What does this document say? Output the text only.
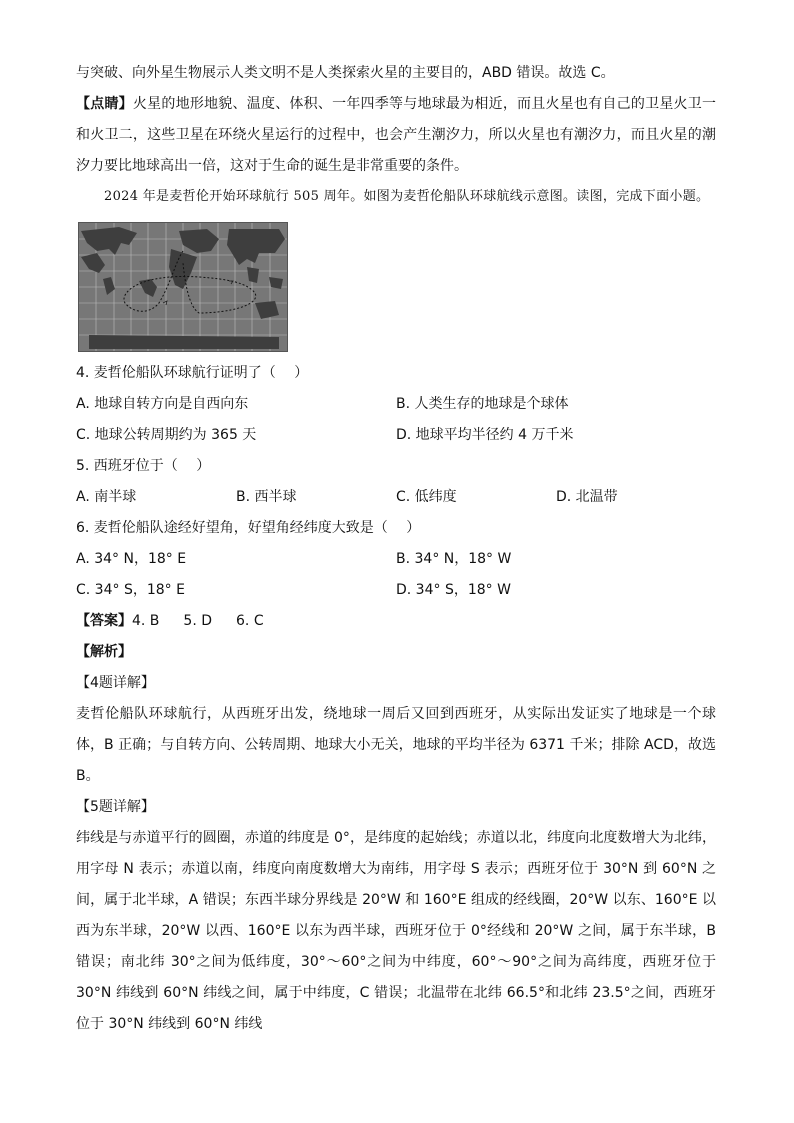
与突破、向外星生物展示人类文明不是人类探索火星的主要目的，ABD 错误。故选 C。

【点睛】火星的地形地貌、温度、体积、一年四季等与地球最为相近，而且火星也有自己的卫星火卫一和火卫二，这些卫星在环绕火星运行的过程中，也会产生潮汐力，所以火星也有潮汐力，而且火星的潮汐力要比地球高出一倍，这对于生命的诞生是非常重要的条件。

2024 年是麦哲伦开始环球航行 505 周年。如图为麦哲伦船队环球航线示意图。读图，完成下面小题。

4. 麦哲伦船队环球航行证明了（　 ）

A. 地球自转方向是自西向东	B. 人类生存的地球是个球体
C. 地球公转周期约为 365 天	D. 地球平均半径约 4 万千米

5. 西班牙位于（　 ）

A. 南半球	B. 西半球	C. 低纬度	D. 北温带

6. 麦哲伦船队途经好望角，好望角经纬度大致是（　 ）

A. 34° N，18° E	B. 34° N，18° W
C. 34° S，18° E	D. 34° S，18° W
【答案】4. B 5. D 6. C

【解析】

【4题详解】

麦哲伦船队环球航行，从西班牙出发，绕地球一周后又回到西班牙，从实际出发证实了地球是一个球体，B 正确；与自转方向、公转周期、地球大小无关，地球的平均半径为 6371 千米；排除 ACD，故选 B。

【5题详解】

纬线是与赤道平行的圆圈，赤道的纬度是 0°，是纬度的起始线；赤道以北，纬度向北度数增大为北纬，用字母 N 表示；赤道以南，纬度向南度数增大为南纬，用字母 S 表示；西班牙位于 30°N 到 60°N 之间，属于北半球，A 错误；东西半球分界线是 20°W 和 160°E 组成的经线圈，20°W 以东、160°E 以西为东半球，20°W 以西、160°E 以东为西半球，西班牙位于 0°经线和 20°W 之间，属于东半球，B 错误；南北纬 30°之间为低纬度，30°～60°之间为中纬度，60°～90°之间为高纬度，西班牙位于 30°N 纬线到 60°N 纬线之间，属于中纬度，C 错误；北温带在北纬 66.5°和北纬 23.5°之间，西班牙位于 30°N 纬线到 60°N 纬线
